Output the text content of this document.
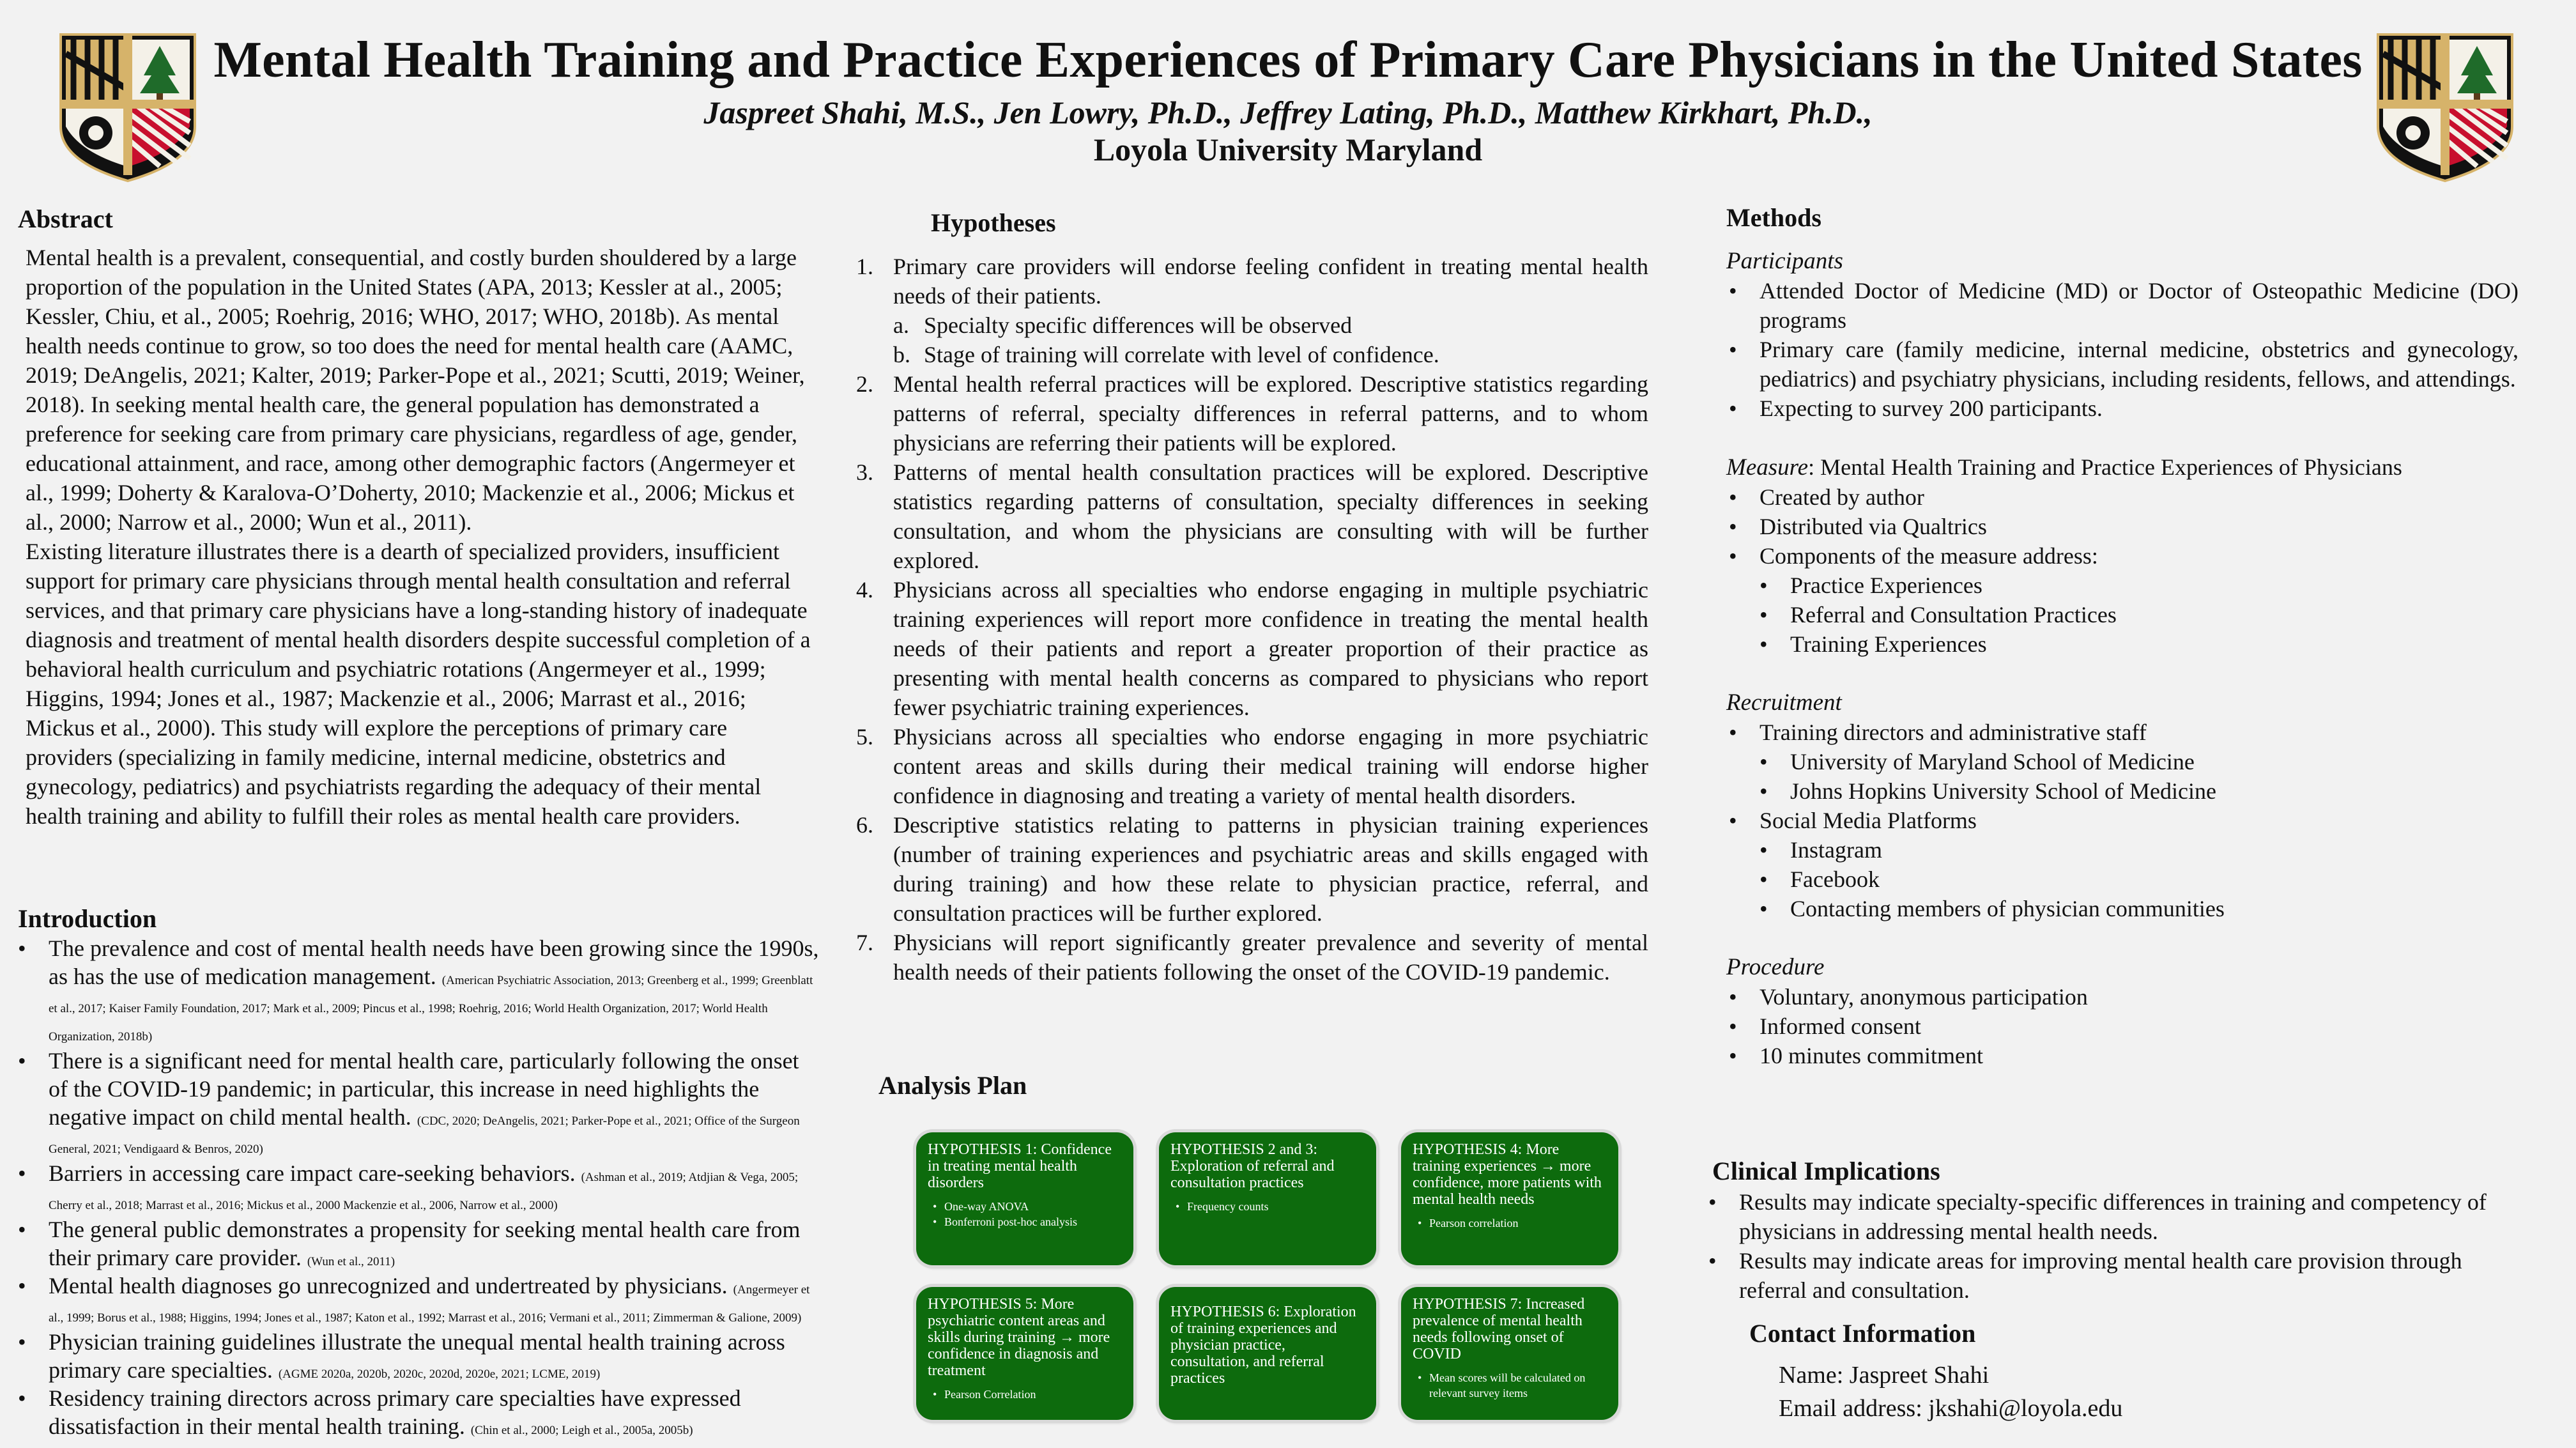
Mental Health Training and Practice Experiences of Primary Care Physicians in the United States
Jaspreet Shahi, M.S., Jen Lowry, Ph.D., Jeffrey Lating, Ph.D., Matthew Kirkhart, Ph.D.,
Loyola University Maryland
Abstract
Mental health is a prevalent, consequential, and costly burden shouldered by a large proportion of the population in the United States (APA, 2013; Kessler at al., 2005; Kessler, Chiu, et al., 2005; Roehrig, 2016; WHO, 2017; WHO, 2018b). As mental health needs continue to grow, so too does the need for mental health care (AAMC, 2019; DeAngelis, 2021; Kalter, 2019; Parker-Pope et al., 2021; Scutti, 2019; Weiner, 2018). In seeking mental health care, the general population has demonstrated a preference for seeking care from primary care physicians, regardless of age, gender, educational attainment, and race, among other demographic factors (Angermeyer et al., 1999; Doherty & Karalova-O’Doherty, 2010; Mackenzie et al., 2006; Mickus et al., 2000; Narrow et al., 2000; Wun et al., 2011).
Existing literature illustrates there is a dearth of specialized providers, insufficient support for primary care physicians through mental health consultation and referral services, and that primary care physicians have a long-standing history of inadequate diagnosis and treatment of mental health disorders despite successful completion of a behavioral health curriculum and psychiatric rotations (Angermeyer et al., 1999; Higgins, 1994; Jones et al., 1987; Mackenzie et al., 2006; Marrast et al., 2016; Mickus et al., 2000). This study will explore the perceptions of primary care providers (specializing in family medicine, internal medicine, obstetrics and gynecology, pediatrics) and psychiatrists regarding the adequacy of their mental health training and ability to fulfill their roles as mental health care providers.
Introduction
• The prevalence and cost of mental health needs have been growing since the 1990s, as has the use of medication management. (American Psychiatric Association, 2013; Greenberg et al., 1999; Greenblatt et al., 2017; Kaiser Family Foundation, 2017; Mark et al., 2009; Pincus et al., 1998; Roehrig, 2016; World Health Organization, 2017; World Health Organization, 2018b)
• There is a significant need for mental health care, particularly following the onset of the COVID-19 pandemic; in particular, this increase in need highlights the negative impact on child mental health. (CDC, 2020; DeAngelis, 2021; Parker-Pope et al., 2021; Office of the Surgeon General, 2021; Vendigaard & Benros, 2020)
• Barriers in accessing care impact care-seeking behaviors. (Ashman et al., 2019; Atdjian & Vega, 2005; Cherry et al., 2018; Marrast et al., 2016; Mickus et al., 2000 Mackenzie et al., 2006, Narrow et al., 2000)
• The general public demonstrates a propensity for seeking mental health care from their primary care provider. (Wun et al., 2011)
• Mental health diagnoses go unrecognized and undertreated by physicians. (Angermeyer et al., 1999; Borus et al., 1988; Higgins, 1994; Jones et al., 1987; Katon et al., 1992; Marrast et al., 2016; Vermani et al., 2011; Zimmerman & Galione, 2009)
• Physician training guidelines illustrate the unequal mental health training across primary care specialties. (AGME 2020a, 2020b, 2020c, 2020d, 2020e, 2021; LCME, 2019)
• Residency training directors across primary care specialties have expressed dissatisfaction in their mental health training. (Chin et al., 2000; Leigh et al., 2005a, 2005b)
Hypotheses
1. Primary care providers will endorse feeling confident in treating mental health needs of their patients.
a. Specialty specific differences will be observed
b. Stage of training will correlate with level of confidence.
2. Mental health referral practices will be explored. Descriptive statistics regarding patterns of referral, specialty differences in referral patterns, and to whom physicians are referring their patients will be explored.
3. Patterns of mental health consultation practices will be explored. Descriptive statistics regarding patterns of consultation, specialty differences in seeking consultation, and whom the physicians are consulting with will be further explored.
4. Physicians across all specialties who endorse engaging in multiple psychiatric training experiences will report more confidence in treating the mental health needs of their patients and report a greater proportion of their practice as presenting with mental health concerns as compared to physicians who report fewer psychiatric training experiences.
5. Physicians across all specialties who endorse engaging in more psychiatric content areas and skills during their medical training will endorse higher confidence in diagnosing and treating a variety of mental health disorders.
6. Descriptive statistics relating to patterns in physician training experiences (number of training experiences and psychiatric areas and skills engaged with during training) and how these relate to physician practice, referral, and consultation practices will be further explored.
7. Physicians will report significantly greater prevalence and severity of mental health needs of their patients following the onset of the COVID-19 pandemic.
Analysis Plan
HYPOTHESIS 1: Confidence in treating mental health disorders
• One-way ANOVA
• Bonferroni post-hoc analysis
HYPOTHESIS 2 and 3: Exploration of referral and consultation practices
• Frequency counts
HYPOTHESIS 4: More training experiences → more confidence, more patients with mental health needs
• Pearson correlation
HYPOTHESIS 5: More psychiatric content areas and skills during training → more confidence in diagnosis and treatment
• Pearson Correlation
HYPOTHESIS 6: Exploration of training experiences and physician practice, consultation, and referral practices
HYPOTHESIS 7: Increased prevalence of mental health needs following onset of COVID
• Mean scores will be calculated on relevant survey items
Methods
Participants
• Attended Doctor of Medicine (MD) or Doctor of Osteopathic Medicine (DO) programs
• Primary care (family medicine, internal medicine, obstetrics and gynecology, pediatrics) and psychiatry physicians, including residents, fellows, and attendings.
• Expecting to survey 200 participants.
Measure: Mental Health Training and Practice Experiences of Physicians
• Created by author
• Distributed via Qualtrics
• Components of the measure address:
• Practice Experiences
• Referral and Consultation Practices
• Training Experiences
Recruitment
• Training directors and administrative staff
• University of Maryland School of Medicine
• Johns Hopkins University School of Medicine
• Social Media Platforms
• Instagram
• Facebook
• Contacting members of physician communities
Procedure
• Voluntary, anonymous participation
• Informed consent
• 10 minutes commitment
Clinical Implications
• Results may indicate specialty-specific differences in training and competency of physicians in addressing mental health needs.
• Results may indicate areas for improving mental health care provision through referral and consultation.
Contact Information
Name: Jaspreet Shahi
Email address: jkshahi@loyola.edu
